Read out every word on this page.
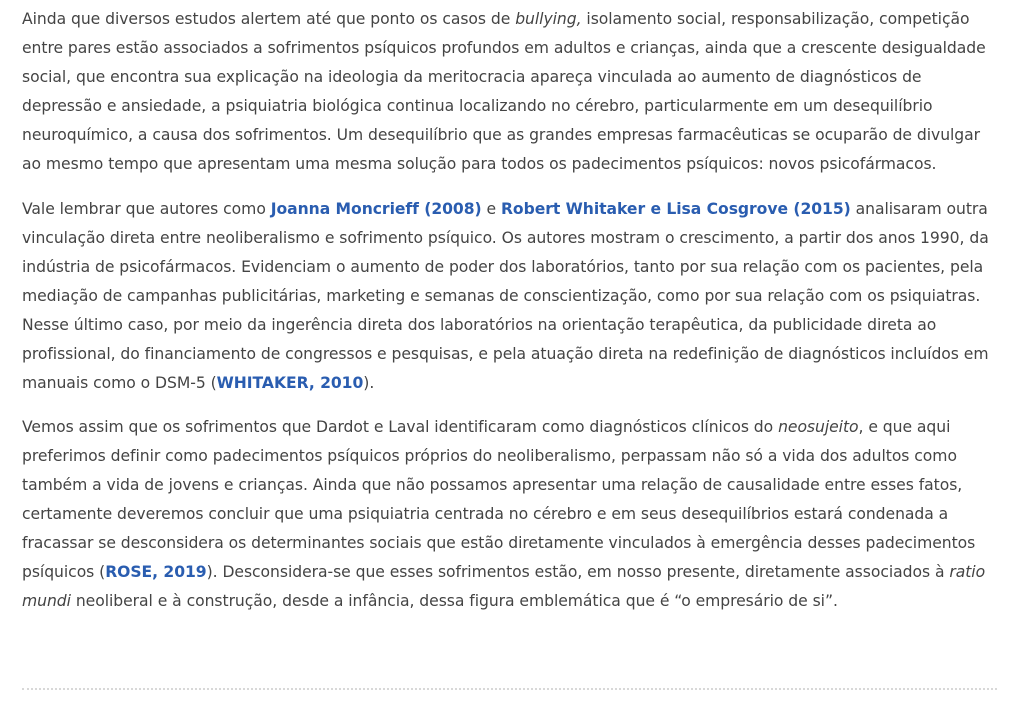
Ainda que diversos estudos alertem até que ponto os casos de bullying, isolamento social, responsabilização, competição entre pares estão associados a sofrimentos psíquicos profundos em adultos e crianças, ainda que a crescente desigualdade social, que encontra sua explicação na ideologia da meritocracia apareça vinculada ao aumento de diagnósticos de depressão e ansiedade, a psiquiatria biológica continua localizando no cérebro, particularmente em um desequilíbrio neuroquímico, a causa dos sofrimentos. Um desequilíbrio que as grandes empresas farmacêuticas se ocuparão de divulgar ao mesmo tempo que apresentam uma mesma solução para todos os padecimentos psíquicos: novos psicofármacos.

Vale lembrar que autores como Joanna Moncrieff (2008) e Robert Whitaker e Lisa Cosgrove (2015) analisaram outra vinculação direta entre neoliberalismo e sofrimento psíquico. Os autores mostram o crescimento, a partir dos anos 1990, da indústria de psicofármacos. Evidenciam o aumento de poder dos laboratórios, tanto por sua relação com os pacientes, pela mediação de campanhas publicitárias, marketing e semanas de conscientização, como por sua relação com os psiquiatras. Nesse último caso, por meio da ingerência direta dos laboratórios na orientação terapêutica, da publicidade direta ao profissional, do financiamento de congressos e pesquisas, e pela atuação direta na redefinição de diagnósticos incluídos em manuais como o DSM-5 (WHITAKER, 2010).

Vemos assim que os sofrimentos que Dardot e Laval identificaram como diagnósticos clínicos do neosujeito, e que aqui preferimos definir como padecimentos psíquicos próprios do neoliberalismo, perpassam não só a vida dos adultos como também a vida de jovens e crianças. Ainda que não possamos apresentar uma relação de causalidade entre esses fatos, certamente deveremos concluir que uma psiquiatria centrada no cérebro e em seus desequilíbrios estará condenada a fracassar se desconsidera os determinantes sociais que estão diretamente vinculados à emergência desses padecimentos psíquicos (ROSE, 2019). Desconsidera-se que esses sofrimentos estão, em nosso presente, diretamente associados à ratio mundi neoliberal e à construção, desde a infância, dessa figura emblemática que é “o empresário de si”.
